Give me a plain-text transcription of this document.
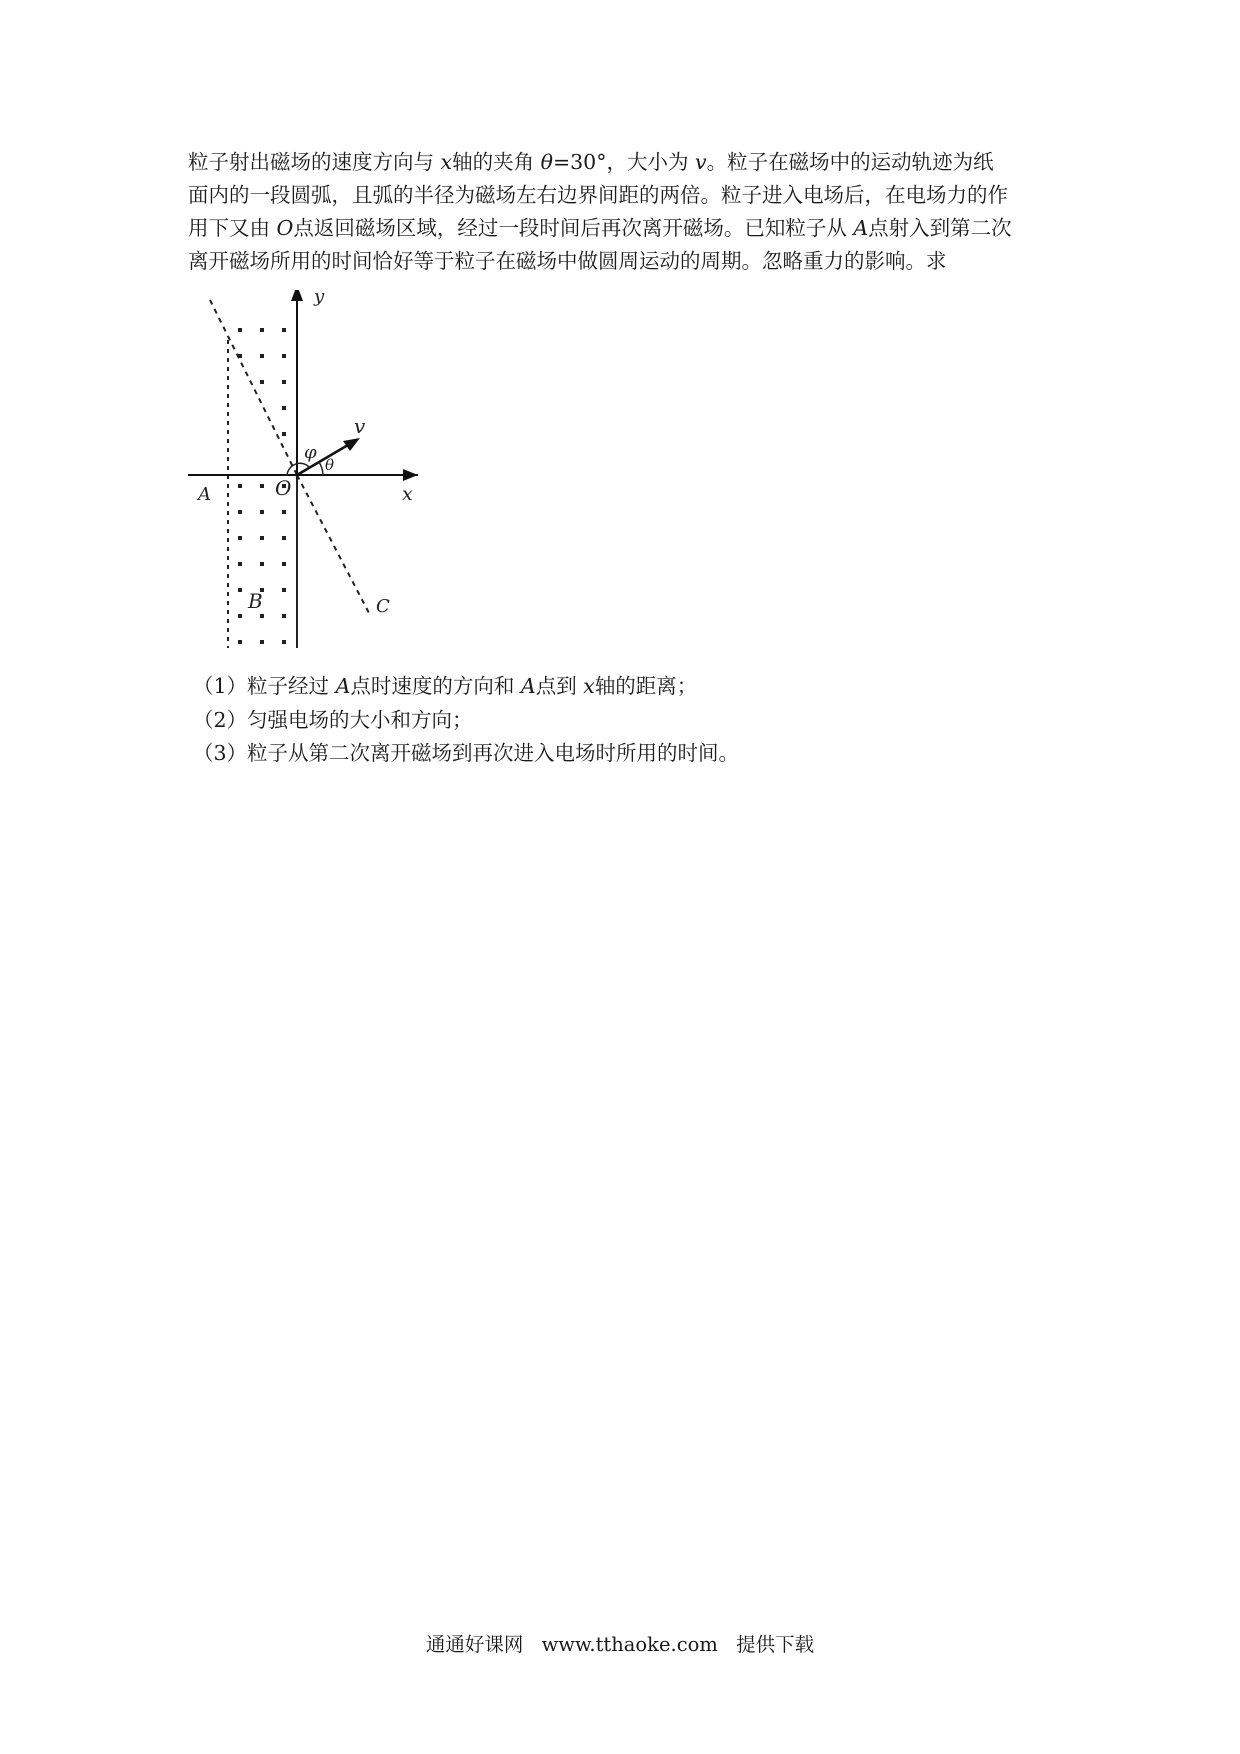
粒子射出磁场的速度方向与 x轴的夹角 θ=30°，大小为 v。粒子在磁场中的运动轨迹为纸
面内的一段圆弧，且弧的半径为磁场左右边界间距的两倍。粒子进入电场后，在电场力的作
用下又由 O点返回磁场区域，经过一段时间后再次离开磁场。已知粒子从 A点射入到第二次
离开磁场所用的时间恰好等于粒子在磁场中做圆周运动的周期。忽略重力的影响。求

y
x
O
A
B	C
v
φ
θ
（1）粒子经过 A点时速度的方向和 A点到 x轴的距离；
（2）匀强电场的大小和方向；
（3）粒子从第二次离开磁场到再次进入电场时所用的时间。
通通好课网 www.tthaoke.com 提供下载
